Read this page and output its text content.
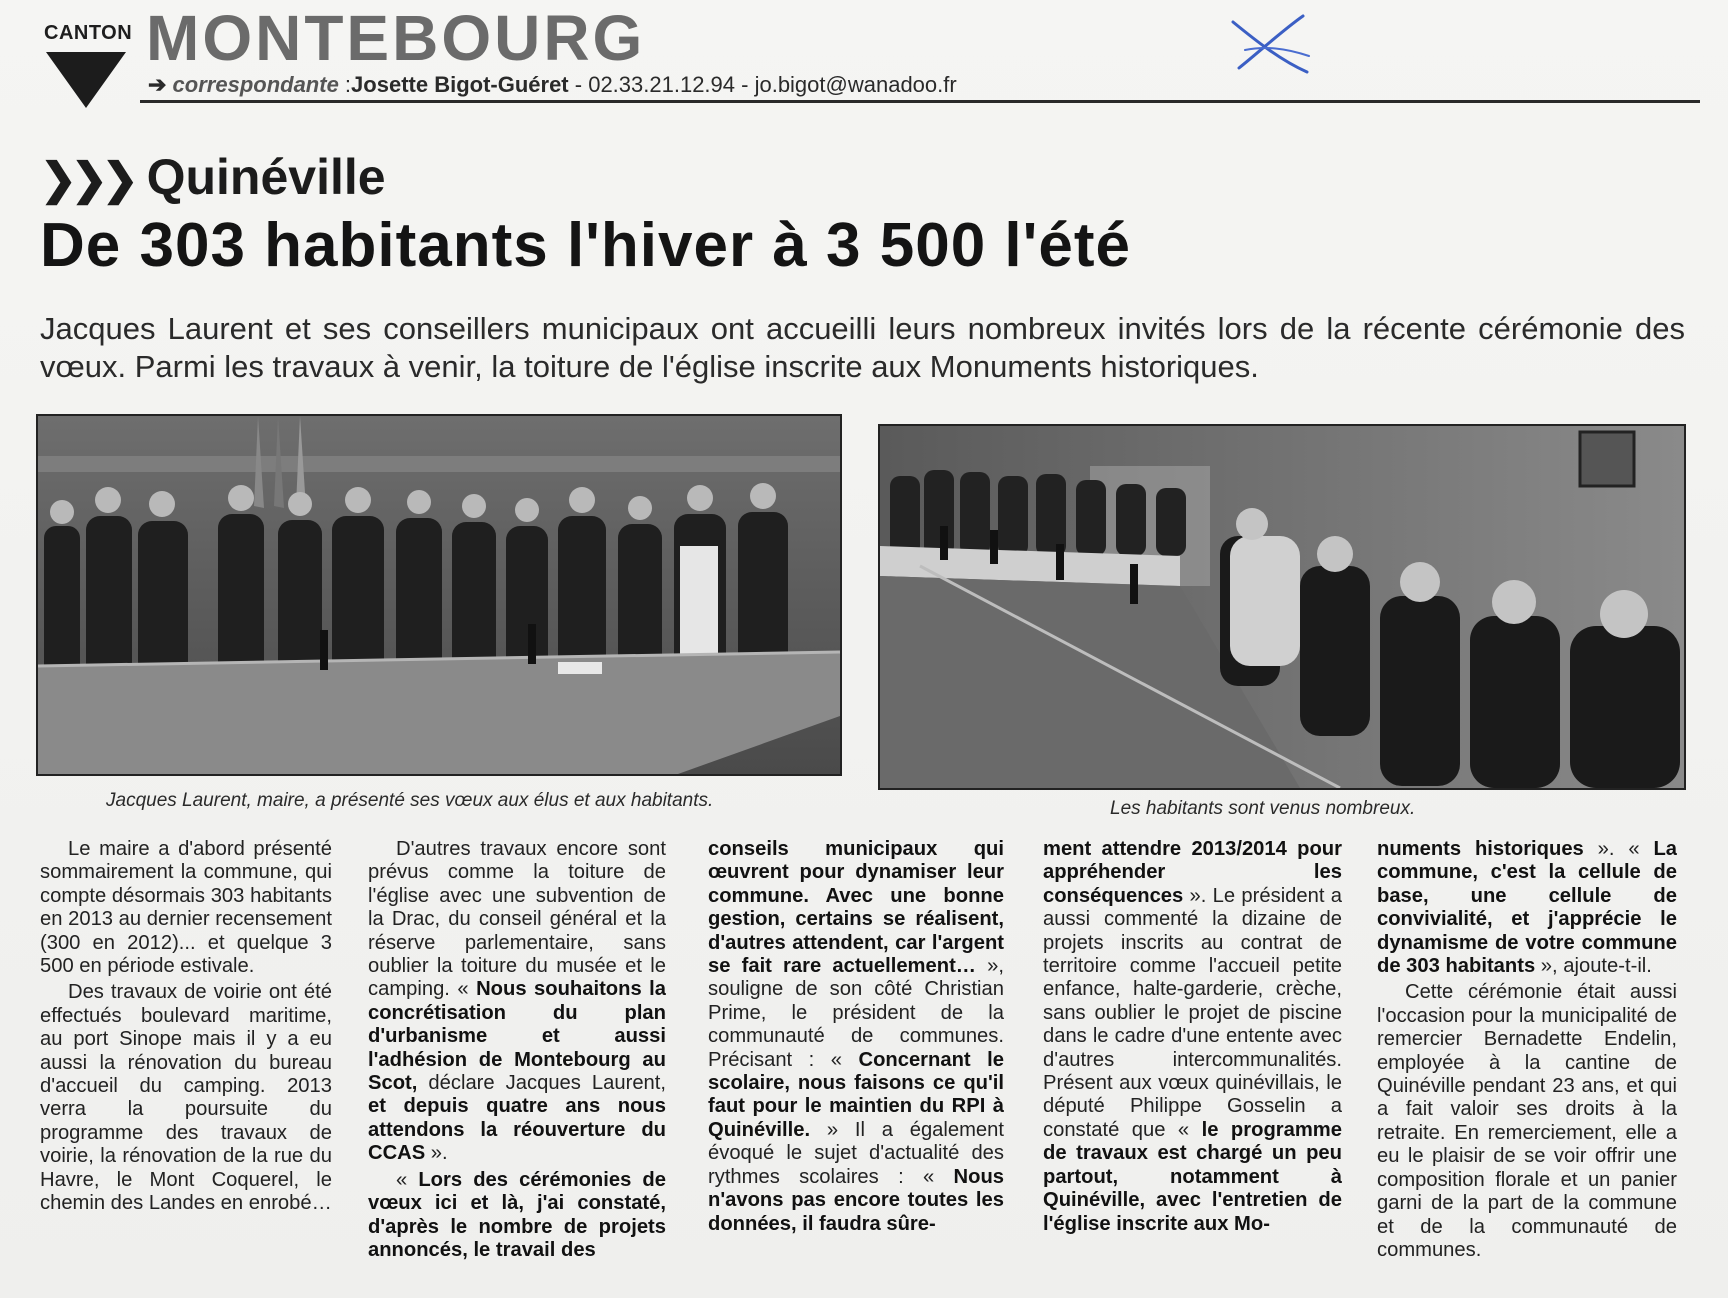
CANTON MONTEBOURG
➔ correspondante :Josette Bigot-Guéret - 02.33.21.12.94 - jo.bigot@wanadoo.fr
❯❯❯ Quinéville
De 303 habitants l'hiver à 3 500 l'été
Jacques Laurent et ses conseillers municipaux ont accueilli leurs nombreux invités lors de la récente cérémonie des vœux. Parmi les travaux à venir, la toiture de l'église inscrite aux Monuments historiques.
Jacques Laurent, maire, a présenté ses vœux aux élus et aux habitants.	Les habitants sont venus nombreux.

Le maire a d'abord présenté sommairement la commune, qui compte désormais 303 habitants en 2013 au dernier recensement (300 en 2012)... et quelque 3 500 en période estivale.

Des travaux de voirie ont été effectués boulevard maritime, au port Sinope mais il y a eu aussi la rénovation du bureau d'accueil du camping. 2013 verra la poursuite du programme des travaux de voirie, la rénovation de la rue du Havre, le Mont Coquerel, le chemin des Landes en enrobé…

D'autres travaux encore sont prévus comme la toiture de l'église avec une subvention de la Drac, du conseil général et la réserve parlementaire, sans oublier la toiture du musée et le camping. « Nous souhaitons la concrétisation du plan d'urbanisme et aussi l'adhésion de Montebourg au Scot, déclare Jacques Laurent, et depuis quatre ans nous attendons la réouverture du CCAS ».

« Lors des cérémonies de vœux ici et là, j'ai constaté, d'après le nombre de projets annoncés, le travail des

conseils municipaux qui œuvrent pour dynamiser leur commune. Avec une bonne gestion, certains se réalisent, d'autres attendent, car l'argent se fait rare actuellement… », souligne de son côté Christian Prime, le président de la communauté de communes. Précisant : « Concernant le scolaire, nous faisons ce qu'il faut pour le maintien du RPI à Quinéville. » Il a également évoqué le sujet d'actualité des rythmes scolaires : « Nous n'avons pas encore toutes les données, il faudra sûre-

ment attendre 2013/2014 pour appréhender les conséquences ». Le président a aussi commenté la dizaine de projets inscrits au contrat de territoire comme l'accueil petite enfance, halte-garderie, crèche, sans oublier le projet de piscine dans le cadre d'une entente avec d'autres intercommunalités. Présent aux vœux quinévillais, le député Philippe Gosselin a constaté que « le programme de travaux est chargé un peu partout, notamment à Quinéville, avec l'entretien de l'église inscrite aux Mo-

numents historiques ». « La commune, c'est la cellule de base, une cellule de convivialité, et j'apprécie le dynamisme de votre commune de 303 habitants », ajoute-t-il.

Cette cérémonie était aussi l'occasion pour la municipalité de remercier Bernadette Endelin, employée à la cantine de Quinéville pendant 23 ans, et qui a fait valoir ses droits à la retraite. En remerciement, elle a eu le plaisir de se voir offrir une composition florale et un panier garni de la part de la commune et de la communauté de communes.
